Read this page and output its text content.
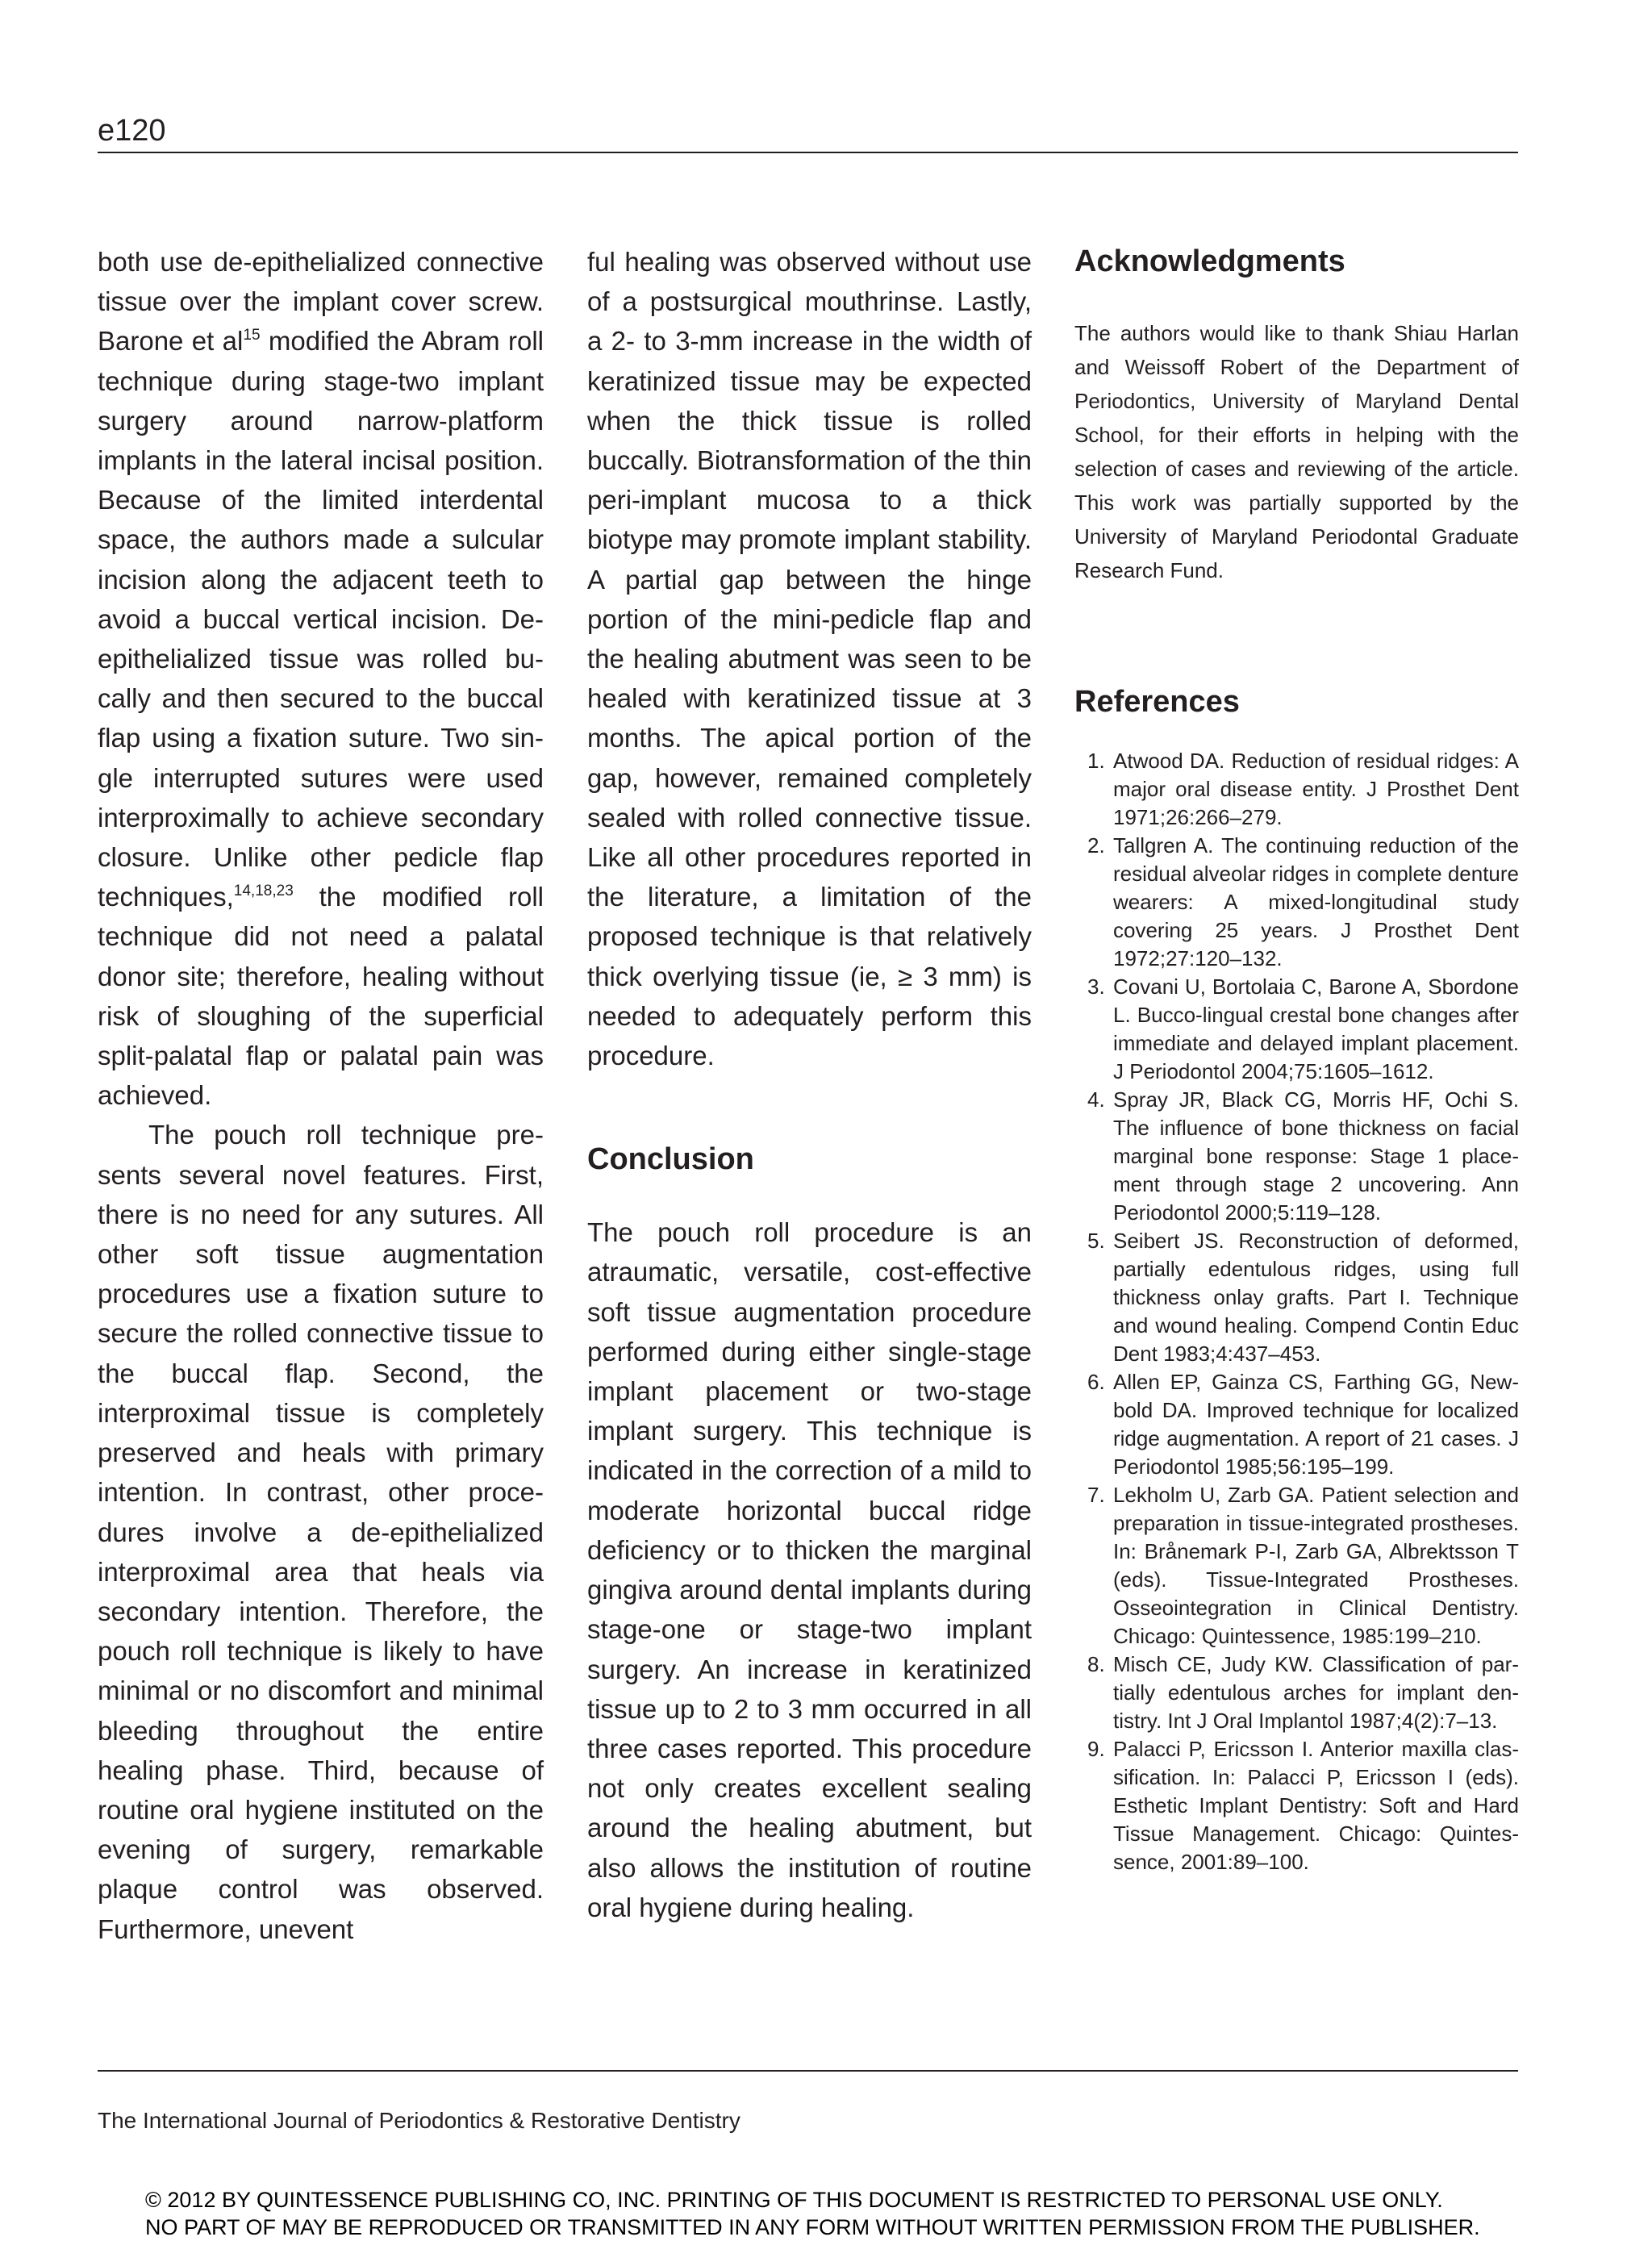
e120

both use de-epithelialized connective tissue over the implant cover screw. Barone et $al^{15}$ modified the Abram roll technique during stage-two implant surgery around narrow-platform implants in the lateral incisal position. Because of the limited interdental space, the authors made a sulcular incision along the adjacent teeth to avoid a buccal vertical incision. De-epithelialized tissue was rolled bucally and then secured to the buccal flap using a fixation suture. Two single interrupted sutures were used interproximally to achieve secondary closure. Unlike other pedicle flap techniques,$^{14,18,23}$ the modified roll technique did not need a palatal donor site; therefore, healing without risk of sloughing of the superficial split-palatal flap or palatal pain was achieved.

The pouch roll technique presents several novel features. First, there is no need for any sutures. All other soft tissue augmentation procedures use a fixation suture to secure the rolled connective tissue to the buccal flap. Second, the interproximal tissue is completely preserved and heals with primary intention. In contrast, other procedures involve a de-epithelialized interproximal area that heals via secondary intention. Therefore, the pouch roll technique is likely to have minimal or no discomfort and minimal bleeding throughout the entire healing phase. Third, because of routine oral hygiene instituted on the evening of surgery, remarkable plaque control was observed. Furthermore, unevent

ful healing was observed without use of a postsurgical mouthrinse. Lastly, a 2- to 3-mm increase in the width of keratinized tissue may be expected when the thick tissue is rolled buccally. Biotransformation of the thin peri-implant mucosa to a thick biotype may promote implant stability. A partial gap between the hinge portion of the mini-pedicle flap and the healing abutment was seen to be healed with keratinized tissue at 3 months. The apical portion of the gap, however, remained completely sealed with rolled connective tissue. Like all other procedures reported in the literature, a limitation of the proposed technique is that relatively thick overlying tissue (ie, ≥ 3 mm) is needed to adequately perform this procedure.

Conclusion

The pouch roll procedure is an atraumatic, versatile, cost-effective soft tissue augmentation procedure performed during either single-stage implant placement or two-stage implant surgery. This technique is indicated in the correction of a mild to moderate horizontal buccal ridge deficiency or to thicken the marginal gingiva around dental implants during stage-one or stage-two implant surgery. An increase in keratinized tissue up to 2 to 3 mm occurred in all three cases reported. This procedure not only creates excellent sealing around the healing abutment, but also allows the institution of routine oral hygiene during healing.

Acknowledgments

The authors would like to thank Shiau Harlan and Weissoff Robert of the Department of Periodontics, University of Maryland Dental School, for their efforts in helping with the selection of cases and reviewing of the article. This work was partially supported by the University of Maryland Periodontal Graduate Research Fund.

References
1. Atwood DA. Reduction of residual ridges: A major oral disease entity. J Prosthet Dent 1971;26:266–279.
2. Tallgren A. The continuing reduction of the residual alveolar ridges in complete denture wearers: A mixed-longitudinal study covering 25 years. J Prosthet Dent 1972;27:120–132.
3. Covani U, Bortolaia C, Barone A, Sbordone L. Bucco-lingual crestal bone changes after immediate and delayed implant placement. J Periodontol 2004;75:1605–1612.
4. Spray JR, Black CG, Morris HF, Ochi S. The influence of bone thickness on facial marginal bone response: Stage 1 placement through stage 2 uncovering. Ann Periodontol 2000;5:119–128.
5. Seibert JS. Reconstruction of deformed, partially edentulous ridges, using full thickness onlay grafts. Part I. Technique and wound healing. Compend Contin Educ Dent 1983;4:437–453.
6. Allen EP, Gainza CS, Farthing GG, Newbold DA. Improved technique for localized ridge augmentation. A report of 21 cases. J Periodontol 1985;56:195–199.
7. Lekholm U, Zarb GA. Patient selection and preparation in tissue-integrated prostheses. In: Brånemark P-I, Zarb GA, Albrektsson T (eds). Tissue-Integrated Prostheses. Osseointegration in Clinical Dentistry. Chicago: Quintessence, 1985:199–210.
8. Misch CE, Judy KW. Classification of partially edentulous arches for implant dentistry. Int J Oral Implantol 1987;4(2):7–13.
9. Palacci P, Ericsson I. Anterior maxilla classification. In: Palacci P, Ericsson I (eds). Esthetic Implant Dentistry: Soft and Hard Tissue Management. Chicago: Quintessence, 2001:89–100.
The International Journal of Periodontics & Restorative Dentistry
© 2012 BY QUINTESSENCE PUBLISHING CO, INC. PRINTING OF THIS DOCUMENT IS RESTRICTED TO PERSONAL USE ONLY.
NO PART OF MAY BE REPRODUCED OR TRANSMITTED IN ANY FORM WITHOUT WRITTEN PERMISSION FROM THE PUBLISHER.
